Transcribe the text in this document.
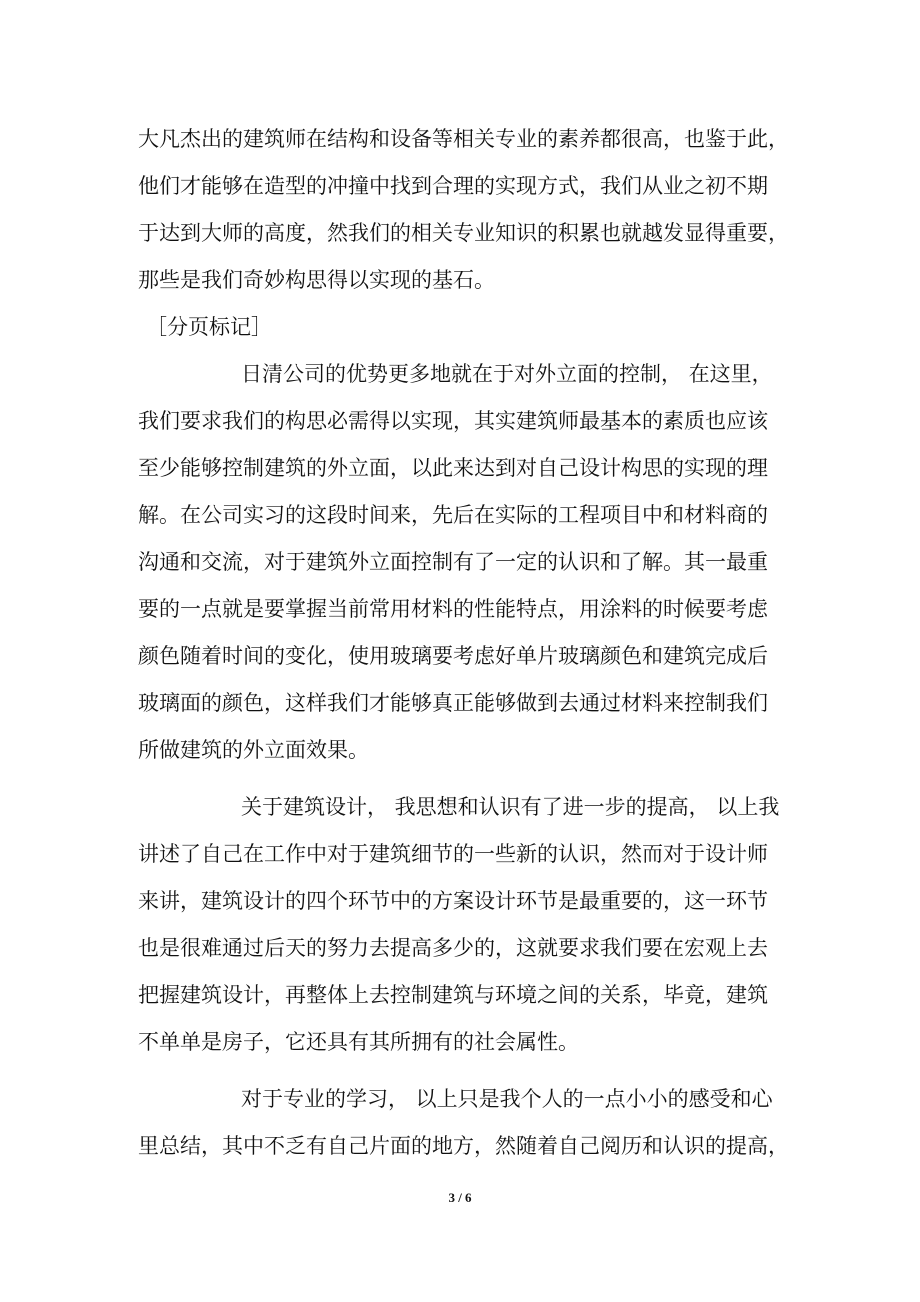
大凡杰出的建筑师在结构和设备等相关专业的素养都很高，也鉴于此，
他们才能够在造型的冲撞中找到合理的实现方式，我们从业之初不期
于达到大师的高度，然我们的相关专业知识的积累也就越发显得重要，
那些是我们奇妙构思得以实现的基石。
［分页标记］
日清公司的优势更多地就在于对外立面的控制， 在这里，
我们要求我们的构思必需得以实现，其实建筑师最基本的素质也应该
至少能够控制建筑的外立面，以此来达到对自己设计构思的实现的理
解。在公司实习的这段时间来，先后在实际的工程项目中和材料商的
沟通和交流，对于建筑外立面控制有了一定的认识和了解。其一最重
要的一点就是要掌握当前常用材料的性能特点，用涂料的时候要考虑
颜色随着时间的变化，使用玻璃要考虑好单片玻璃颜色和建筑完成后
玻璃面的颜色，这样我们才能够真正能够做到去通过材料来控制我们
所做建筑的外立面效果。
关于建筑设计， 我思想和认识有了进一步的提高， 以上我
讲述了自己在工作中对于建筑细节的一些新的认识，然而对于设计师
来讲，建筑设计的四个环节中的方案设计环节是最重要的，这一环节
也是很难通过后天的努力去提高多少的，这就要求我们要在宏观上去
把握建筑设计，再整体上去控制建筑与环境之间的关系，毕竟，建筑
不单单是房子，它还具有其所拥有的社会属性。
对于专业的学习， 以上只是我个人的一点小小的感受和心
里总结，其中不乏有自己片面的地方，然随着自己阅历和认识的提高，
3 / 6
